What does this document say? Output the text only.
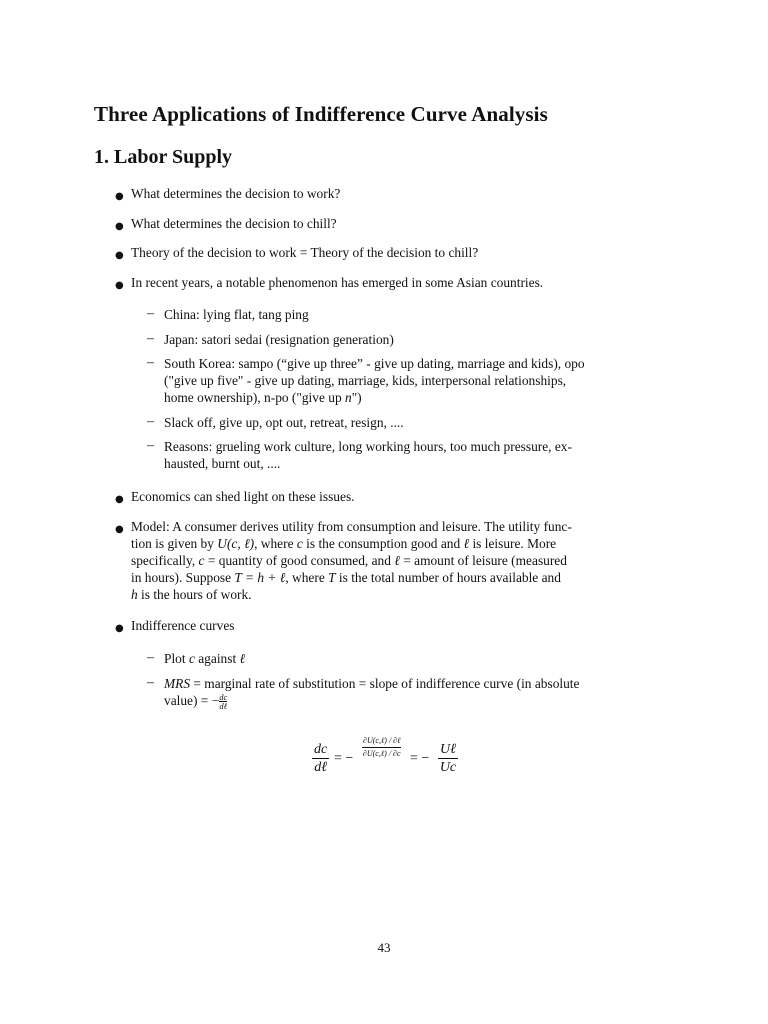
Three Applications of Indifference Curve Analysis
1. Labor Supply
● What determines the decision to work?
● What determines the decision to chill?
● Theory of the decision to work = Theory of the decision to chill?
● In recent years, a notable phenomenon has emerged in some Asian countries.
– China: lying flat, tang ping
– Japan: satori sedai (resignation generation)
– South Korea: sampo (“give up three” - give up dating, marriage and kids), opo
("give up five" - give up dating, marriage, kids, interpersonal relationships,
home ownership), n-po ("give up n")
– Slack off, give up, opt out, retreat, resign, ....
– Reasons: grueling work culture, long working hours, too much pressure, ex-
hausted, burnt out, ....
● Economics can shed light on these issues.
● Model: A consumer derives utility from consumption and leisure. The utility func-
tion is given by U(c, ℓ), where c is the consumption good and ℓ is leisure. More
specifically, c = quantity of good consumed, and ℓ = amount of leisure (measured
in hours). Suppose T = h + ℓ, where T is the total number of hours available and
h is the hours of work.
● Indifference curves
– Plot c against ℓ
– MRS = marginal rate of substitution = slope of indifference curve (in absolute
value) = − dc
dℓ
dc
dℓ
= −
∂U(c,ℓ) / ∂ℓ
∂U(c,ℓ) / ∂c = −
Uℓ
Uc
43
